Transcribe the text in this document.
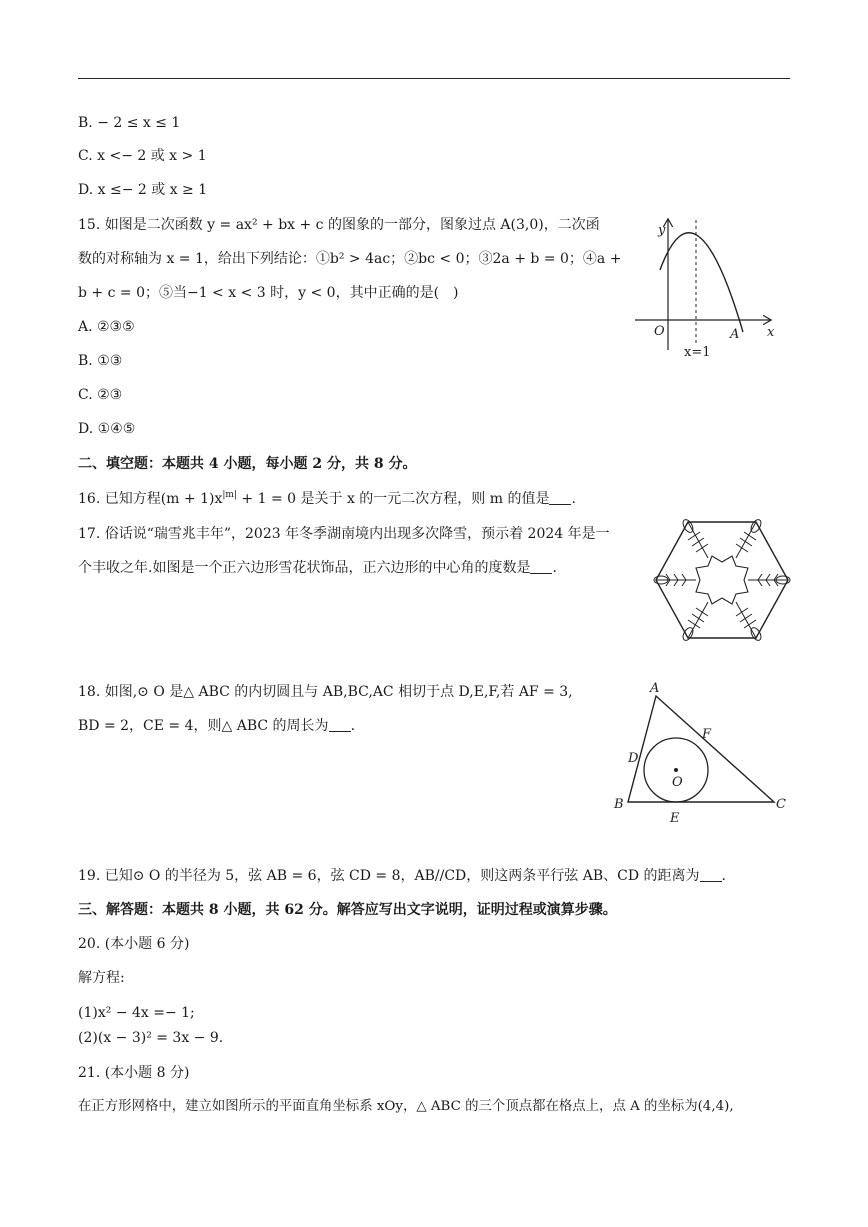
B. − 2 ≤ x ≤ 1
C. x <− 2 或 x > 1
D. x ≤− 2 或 x ≥ 1
15. 如图是二次函数 y = ax² + bx + c 的图象的一部分，图象过点 A(3,0)，二次函
数的对称轴为 x = 1，给出下列结论：①b² > 4ac；②bc < 0；③2a + b = 0；④a +
b + c = 0；⑤当−1 < x < 3 时，y < 0，其中正确的是(　)
A. ②③⑤
B. ①③
C. ②③
D. ①④⑤
y
x
O	A
x=1
二、填空题：本题共 4 小题，每小题 2 分，共 8 分。
16. 已知方程$(m + 1)x^{|m|} + 1 = 0$ 是关于 x 的一元二次方程，则 m 的值是 .
17. 俗话说“瑞雪兆丰年”，2023 年冬季湖南境内出现多次降雪，预示着 2024 年是一
个丰收之年.如图是一个正六边形雪花状饰品，正六边形的中心角的度数是 .
18. 如图,⊙ O 是△ ABC 的内切圆且与 AB,BC,AC 相切于点 D,E,F,若 AF = 3,
BD = 2，CE = 4，则△ ABC 的周长为 .
A
B	C
D
E
F
O
19. 已知⊙ O 的半径为 5，弦 AB = 6，弦 CD = 8，AB//CD，则这两条平行弦 AB、CD 的距离为 .
三、解答题：本题共 8 小题，共 62 分。解答应写出文字说明，证明过程或演算步骤。
20. (本小题 6 分)
解方程:
(1)x² − 4x =− 1;
(2)(x − 3)² = 3x − 9.
21. (本小题 8 分)
在正方形网格中，建立如图所示的平面直角坐标系 xOy，△ ABC 的三个顶点都在格点上，点 A 的坐标为(4,4),
